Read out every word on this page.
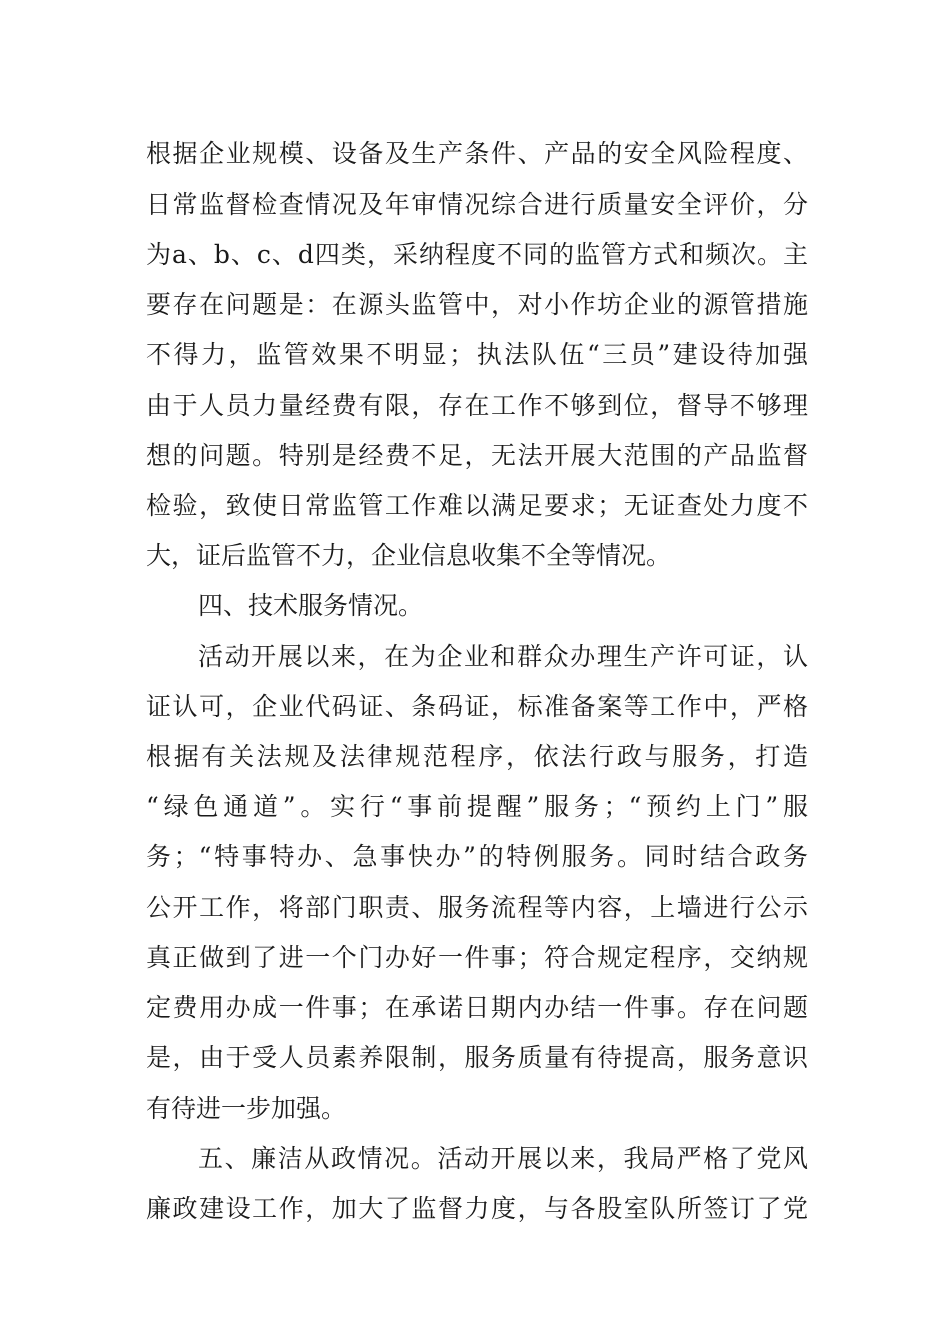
根据企业规模、设备及生产条件、产品的安全风险程度、
日常监督检查情况及年审情况综合进行质量安全评价，分
为a、b、c、d四类，采纳程度不同的监管方式和频次。主
要存在问题是：在源头监管中，对小作坊企业的源管措施
不得力，监管效果不明显；执法队伍“三员”建设待加强
由于人员力量经费有限，存在工作不够到位，督导不够理
想的问题。特别是经费不足，无法开展大范围的产品监督
检验，致使日常监管工作难以满足要求；无证查处力度不
大，证后监管不力，企业信息收集不全等情况。
四、技术服务情况。
活动开展以来，在为企业和群众办理生产许可证，认
证认可，企业代码证、条码证，标准备案等工作中，严格
根据有关法规及法律规范程序，依法行政与服务，打造
“绿色通道”。实行“事前提醒”服务；“预约上门”服
务；“特事特办、急事快办”的特例服务。同时结合政务
公开工作，将部门职责、服务流程等内容，上墙进行公示
真正做到了进一个门办好一件事；符合规定程序，交纳规
定费用办成一件事；在承诺日期内办结一件事。存在问题
是，由于受人员素养限制，服务质量有待提高，服务意识
有待进一步加强。
五、廉洁从政情况。活动开展以来，我局严格了党风
廉政建设工作，加大了监督力度，与各股室队所签订了党
